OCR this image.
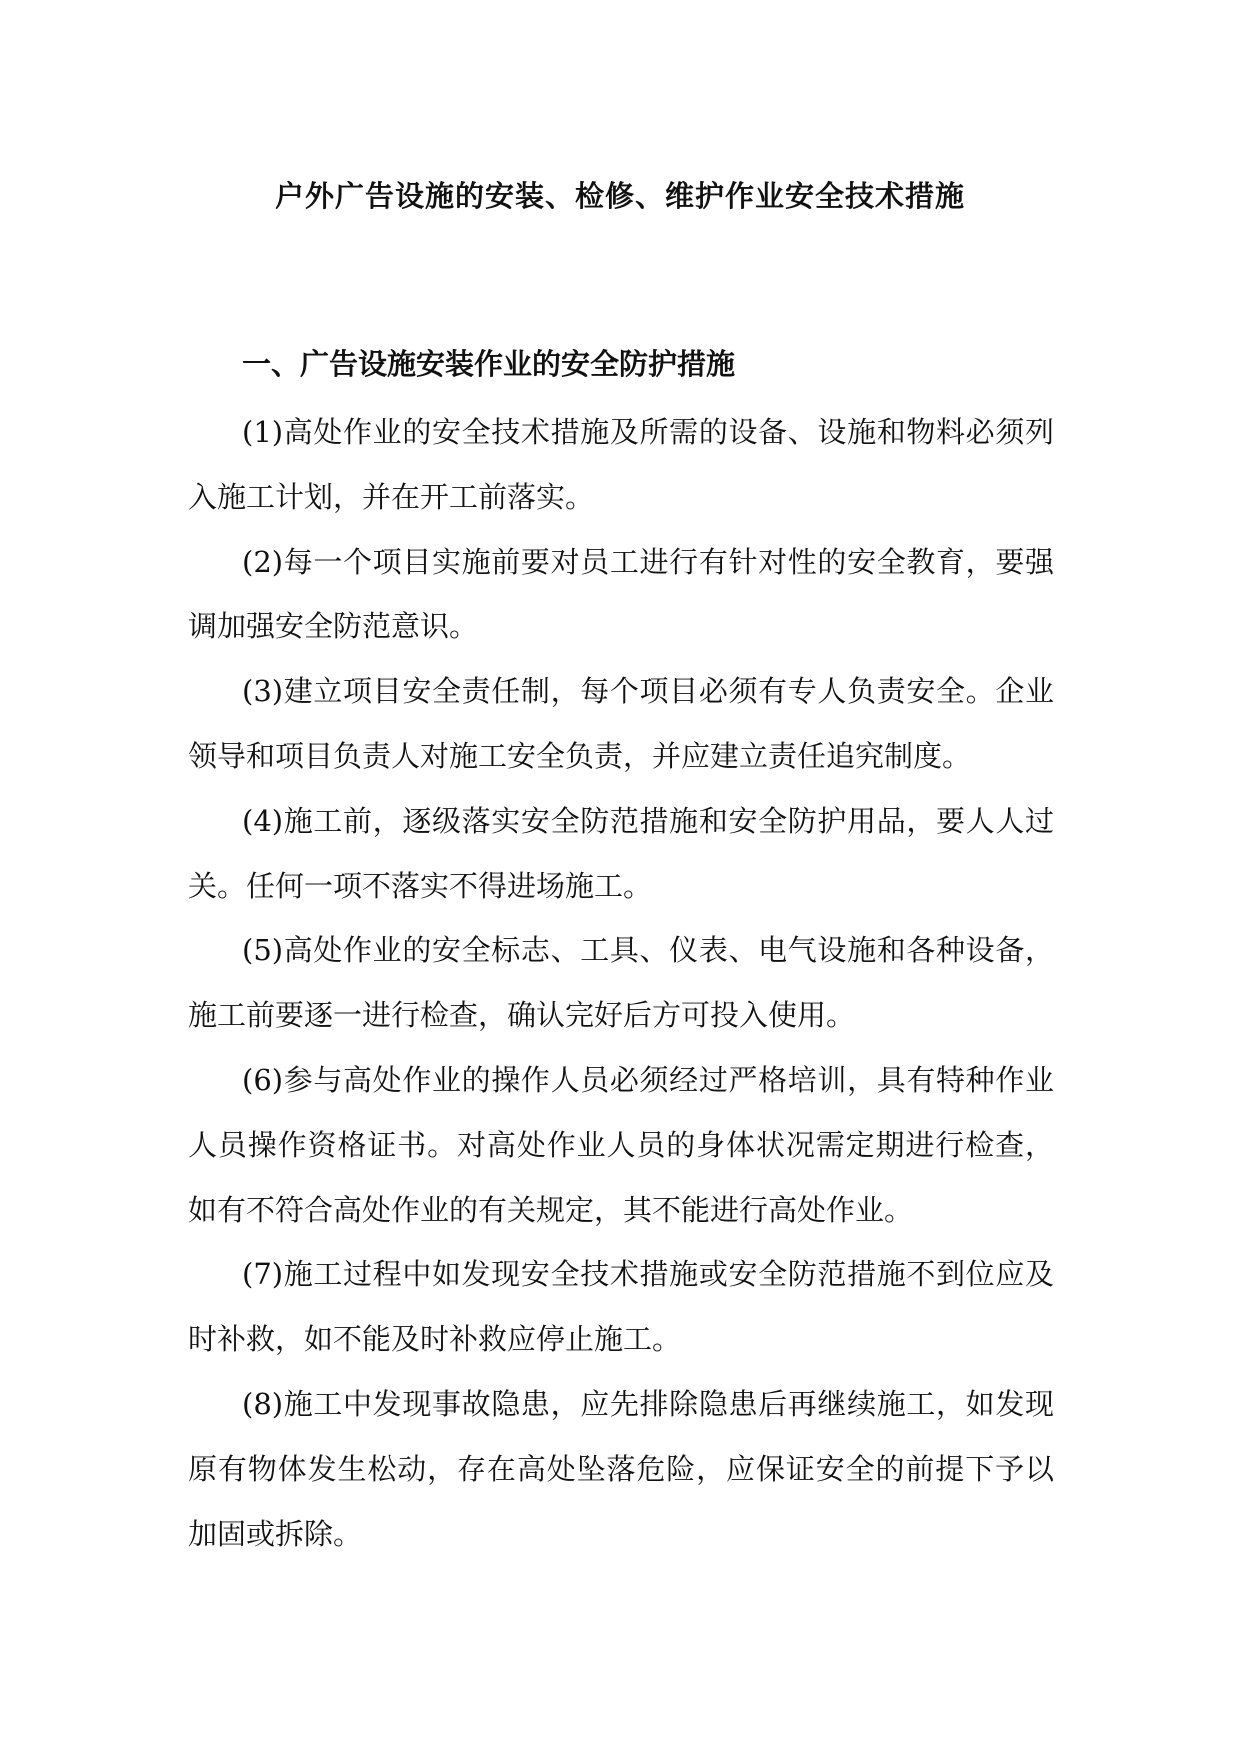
户外广告设施的安装、检修、维护作业安全技术措施
一、广告设施安装作业的安全防护措施

(1)高处作业的安全技术措施及所需的设备、设施和物料必须列入施工计划，并在开工前落实。

(2)每一个项目实施前要对员工进行有针对性的安全教育，要强调加强安全防范意识。

(3)建立项目安全责任制，每个项目必须有专人负责安全。企业领导和项目负责人对施工安全负责，并应建立责任追究制度。

(4)施工前，逐级落实安全防范措施和安全防护用品，要人人过关。任何一项不落实不得进场施工。

(5)高处作业的安全标志、工具、仪表、电气设施和各种设备，施工前要逐一进行检查，确认完好后方可投入使用。

(6)参与高处作业的操作人员必须经过严格培训，具有特种作业人员操作资格证书。对高处作业人员的身体状况需定期进行检查，如有不符合高处作业的有关规定，其不能进行高处作业。

(7)施工过程中如发现安全技术措施或安全防范措施不到位应及时补救，如不能及时补救应停止施工。

(8)施工中发现事故隐患，应先排除隐患后再继续施工，如发现原有物体发生松动，存在高处坠落危险，应保证安全的前提下予以加固或拆除。
